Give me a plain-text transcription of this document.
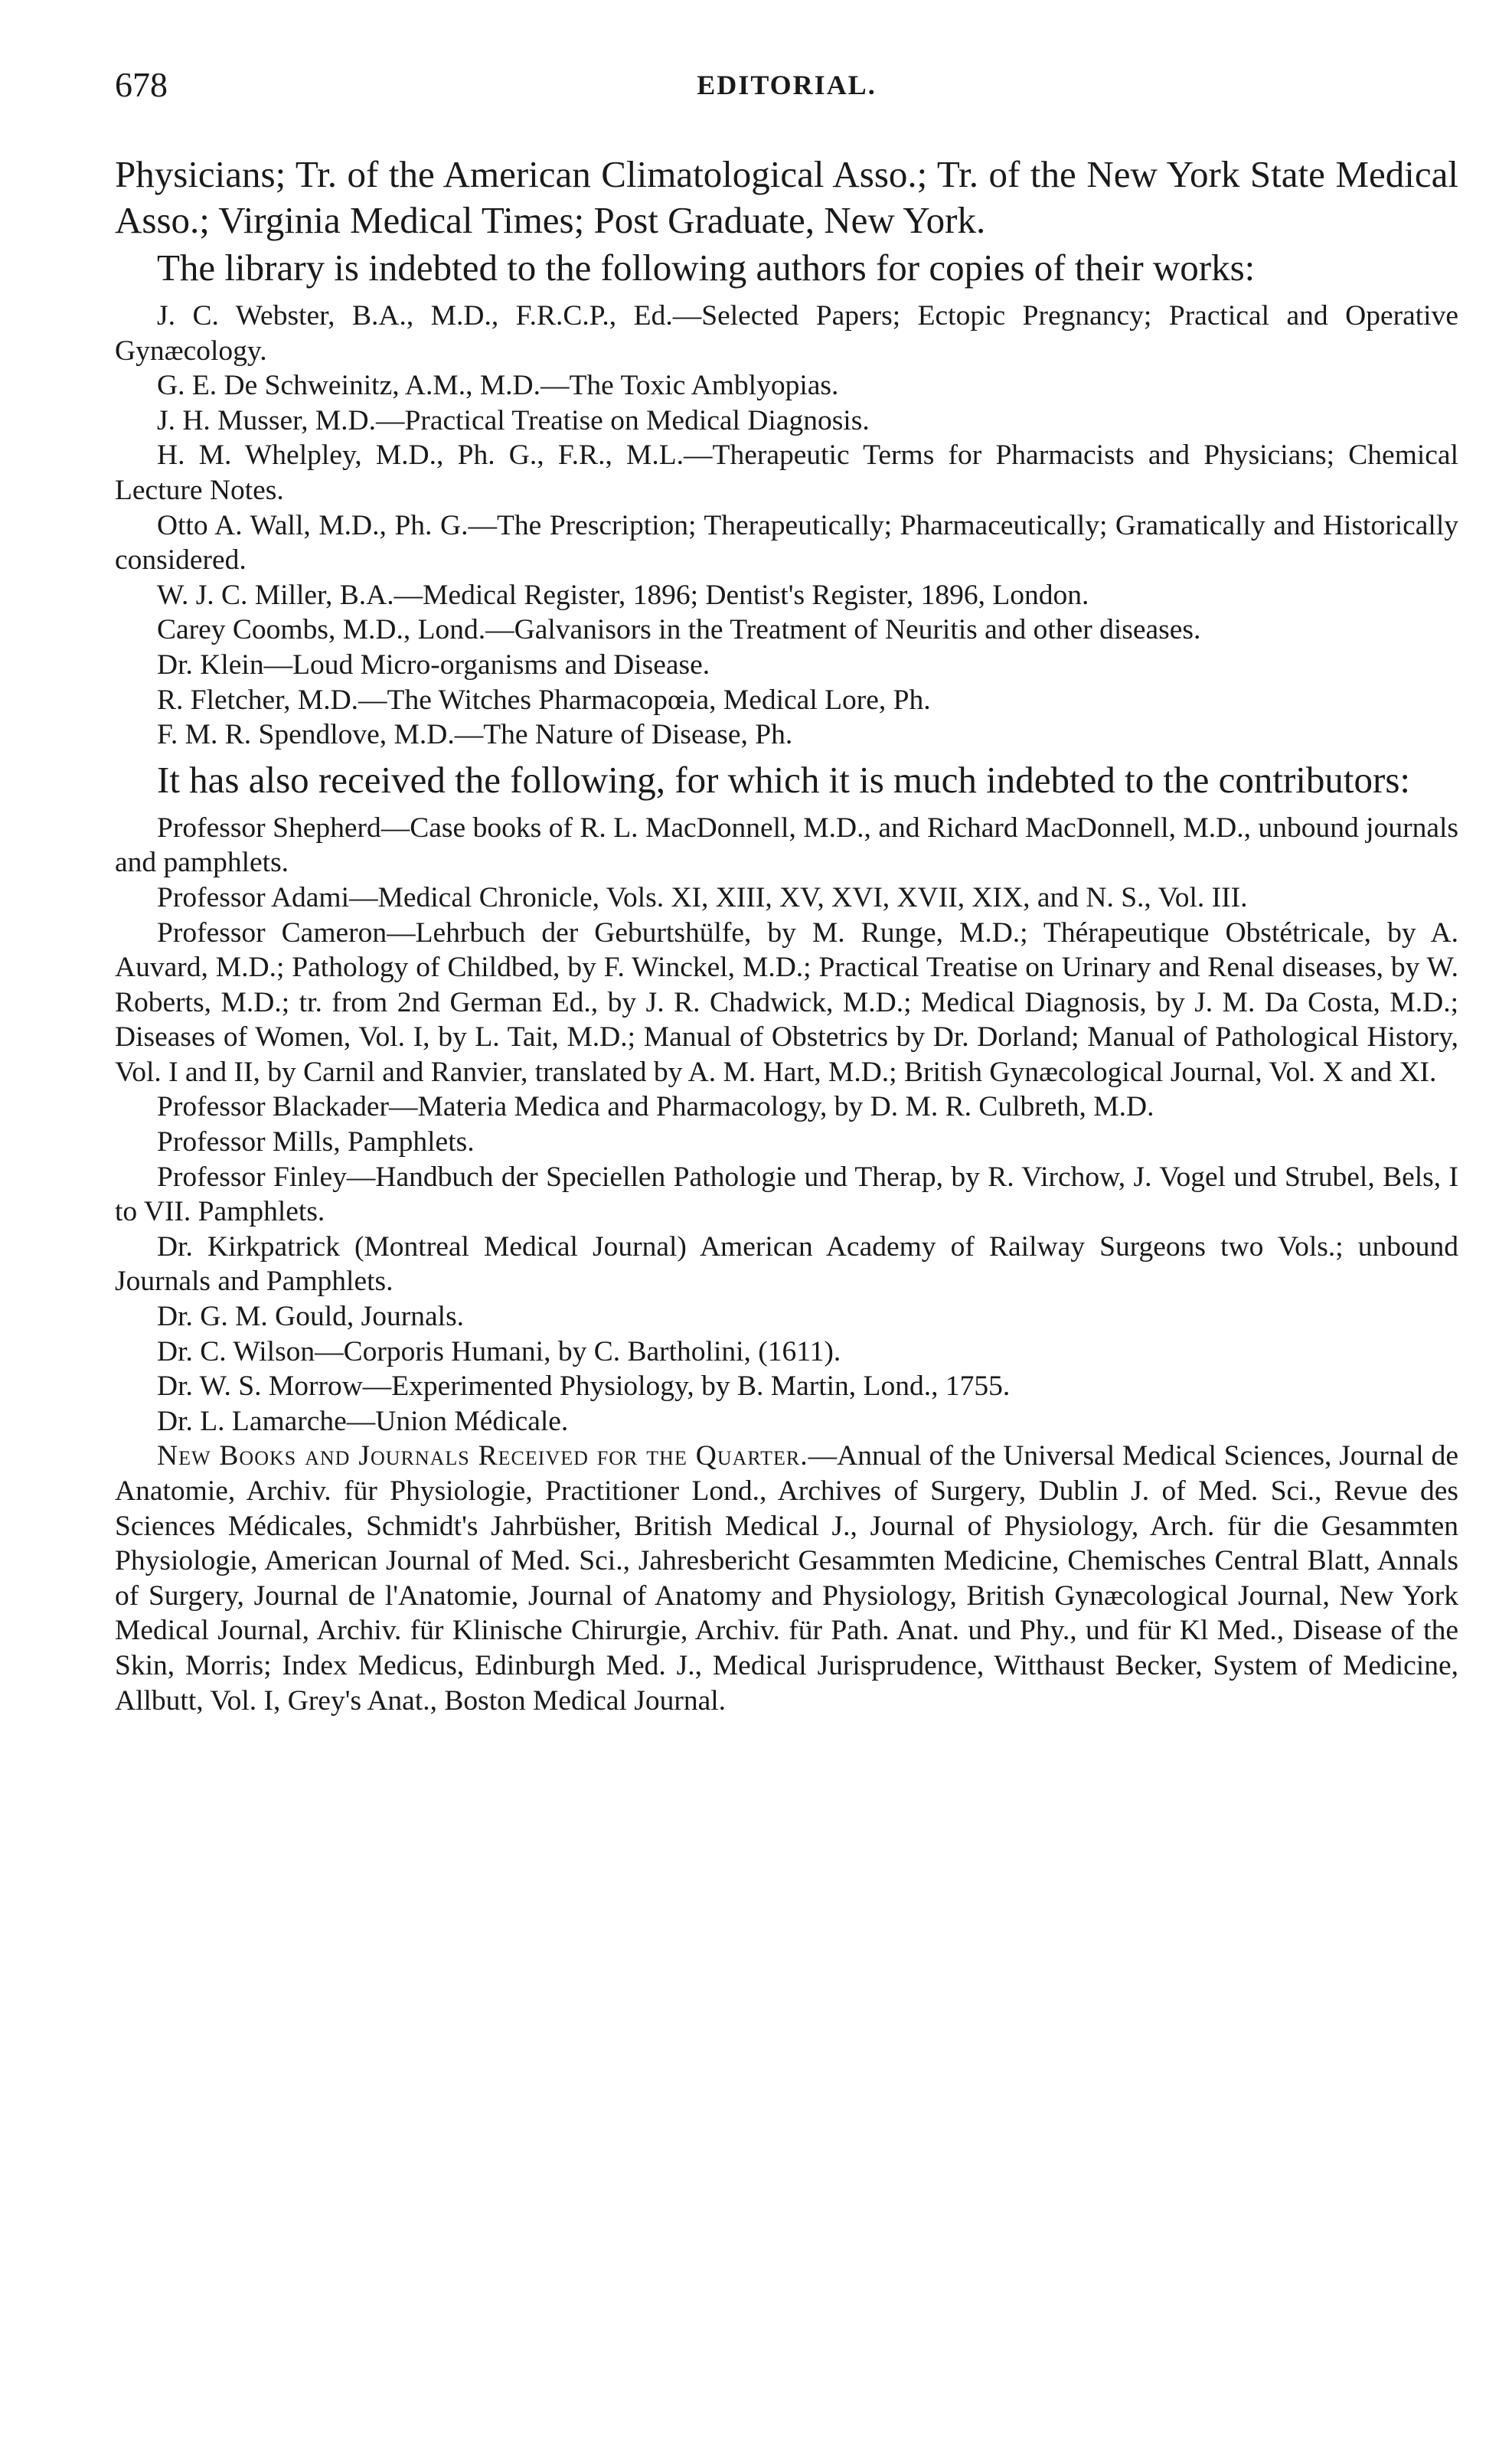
678	EDITORIAL.

Physicians; Tr. of the American Climatological Asso.; Tr. of the New York State Medical Asso.; Virginia Medical Times; Post Graduate, New York.

The library is indebted to the following authors for copies of their works:

J. C. Webster, B.A., M.D., F.R.C.P., Ed.—Selected Papers; Ectopic Pregnancy; Practical and Operative Gynæcology.

G. E. De Schweinitz, A.M., M.D.—The Toxic Amblyopias.

J. H. Musser, M.D.—Practical Treatise on Medical Diagnosis.

H. M. Whelpley, M.D., Ph. G., F.R., M.L.—Therapeutic Terms for Pharmacists and Physicians; Chemical Lecture Notes.

Otto A. Wall, M.D., Ph. G.—The Prescription; Therapeutically; Pharmaceutically; Gramatically and Historically considered.

W. J. C. Miller, B.A.—Medical Register, 1896; Dentist's Register, 1896, London.

Carey Coombs, M.D., Lond.—Galvanisors in the Treatment of Neuritis and other diseases.

Dr. Klein—Loud Micro-organisms and Disease.

R. Fletcher, M.D.—The Witches Pharmacopœia, Medical Lore, Ph.

F. M. R. Spendlove, M.D.—The Nature of Disease, Ph.

It has also received the following, for which it is much indebted to the contributors:

Professor Shepherd—Case books of R. L. MacDonnell, M.D., and Richard MacDonnell, M.D., unbound journals and pamphlets.

Professor Adami—Medical Chronicle, Vols. XI, XIII, XV, XVI, XVII, XIX, and N. S., Vol. III.

Professor Cameron—Lehrbuch der Geburtshülfe, by M. Runge, M.D.; Thérapeutique Obstétricale, by A. Auvard, M.D.; Pathology of Childbed, by F. Winckel, M.D.; Practical Treatise on Urinary and Renal diseases, by W. Roberts, M.D.; tr. from 2nd German Ed., by J. R. Chadwick, M.D.; Medical Diagnosis, by J. M. Da Costa, M.D.; Diseases of Women, Vol. I, by L. Tait, M.D.; Manual of Obstetrics by Dr. Dorland; Manual of Pathological History, Vol. I and II, by Carnil and Ranvier, translated by A. M. Hart, M.D.; British Gynæcological Journal, Vol. X and XI.

Professor Blackader—Materia Medica and Pharmacology, by D. M. R. Culbreth, M.D.

Professor Mills, Pamphlets.

Professor Finley—Handbuch der Speciellen Pathologie und Therap, by R. Virchow, J. Vogel und Strubel, Bels, I to VII. Pamphlets.

Dr. Kirkpatrick (Montreal Medical Journal) American Academy of Railway Surgeons two Vols.; unbound Journals and Pamphlets.

Dr. G. M. Gould, Journals.

Dr. C. Wilson—Corporis Humani, by C. Bartholini, (1611).

Dr. W. S. Morrow—Experimented Physiology, by B. Martin, Lond., 1755.

Dr. L. Lamarche—Union Médicale.

New Books and Journals Received for the Quarter.—Annual of the Universal Medical Sciences, Journal de Anatomie, Archiv. für Physiologie, Practitioner Lond., Archives of Surgery, Dublin J. of Med. Sci., Revue des Sciences Médicales, Schmidt's Jahrbüsher, British Medical J., Journal of Physiology, Arch. für die Gesammten Physiologie, American Journal of Med. Sci., Jahresbericht Gesammten Medicine, Chemisches Central Blatt, Annals of Surgery, Journal de l'Anatomie, Journal of Anatomy and Physiology, British Gynæcological Journal, New York Medical Journal, Archiv. für Klinische Chirurgie, Archiv. für Path. Anat. und Phy., und für Kl Med., Disease of the Skin, Morris; Index Medicus, Edinburgh Med. J., Medical Jurisprudence, Witthaust Becker, System of Medicine, Allbutt, Vol. I, Grey's Anat., Boston Medical Journal.
